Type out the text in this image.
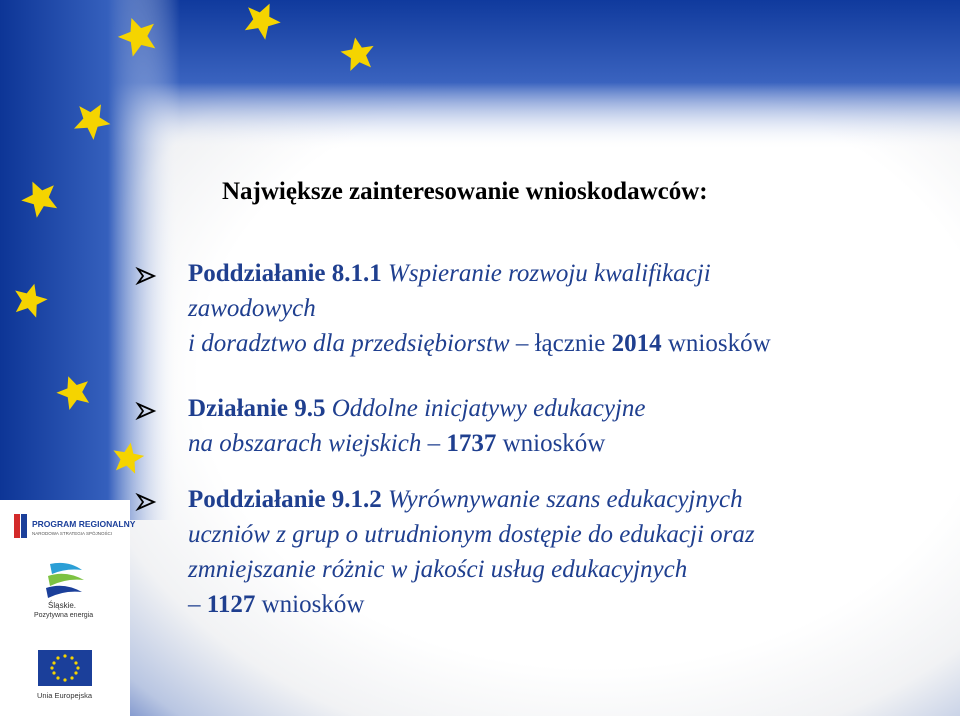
Największe zainteresowanie wnioskodawców:
Poddziałanie 8.1.1 Wspieranie rozwoju kwalifikacji
zawodowych
i doradztwo dla przedsiębiorstw – łącznie 2014 wniosków
Działanie 9.5 Oddolne inicjatywy edukacyjne
na obszarach wiejskich – 1737 wniosków
Poddziałanie 9.1.2 Wyrównywanie szans edukacyjnych
uczniów z grup o utrudnionym dostępie do edukacji oraz
zmniejszanie różnic w jakości usług edukacyjnych
– 1127 wniosków
PROGRAM REGIONALNY
NARODOWA STRATEGIA SPÓJNOŚCI
Śląskie.
Pozytywna energia
Unia Europejska
